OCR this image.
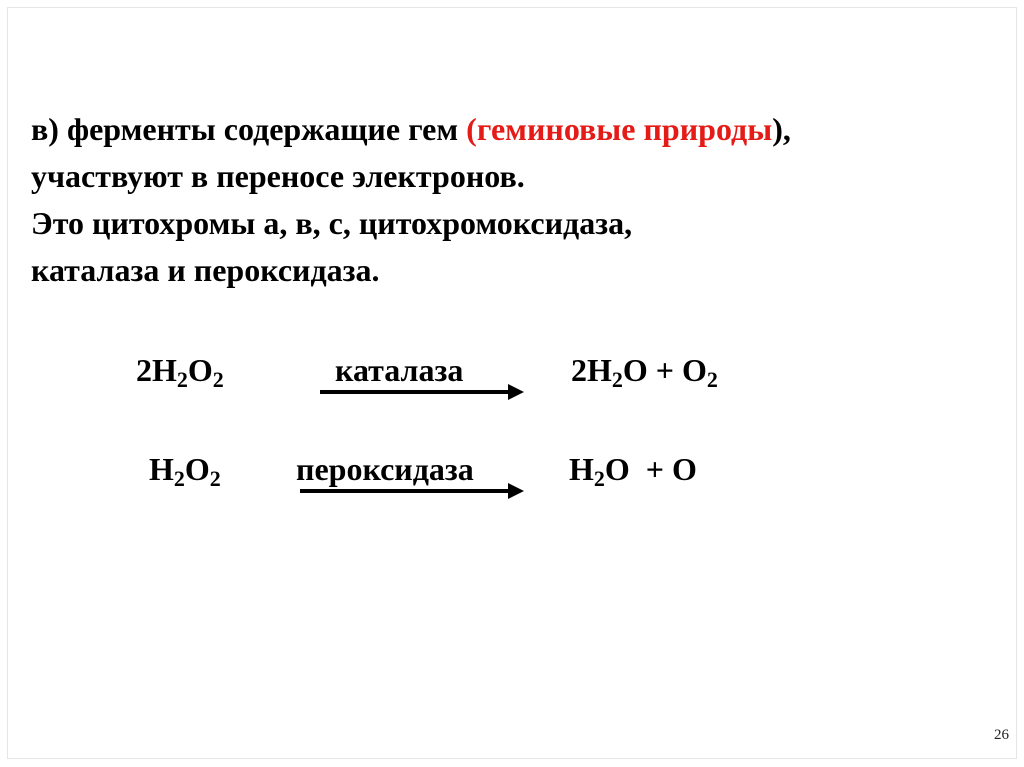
в) ферменты содержащие гем (геминовые природы),
участвуют в переносе электронов.
Это цитохромы а, в, с, цитохромоксидаза,
каталаза и пероксидаза.
$2H_2O_2$	каталаза	$2H_2O + O_2$
$H_2O_2$ пероксидаза	$H_2O + O$
26
